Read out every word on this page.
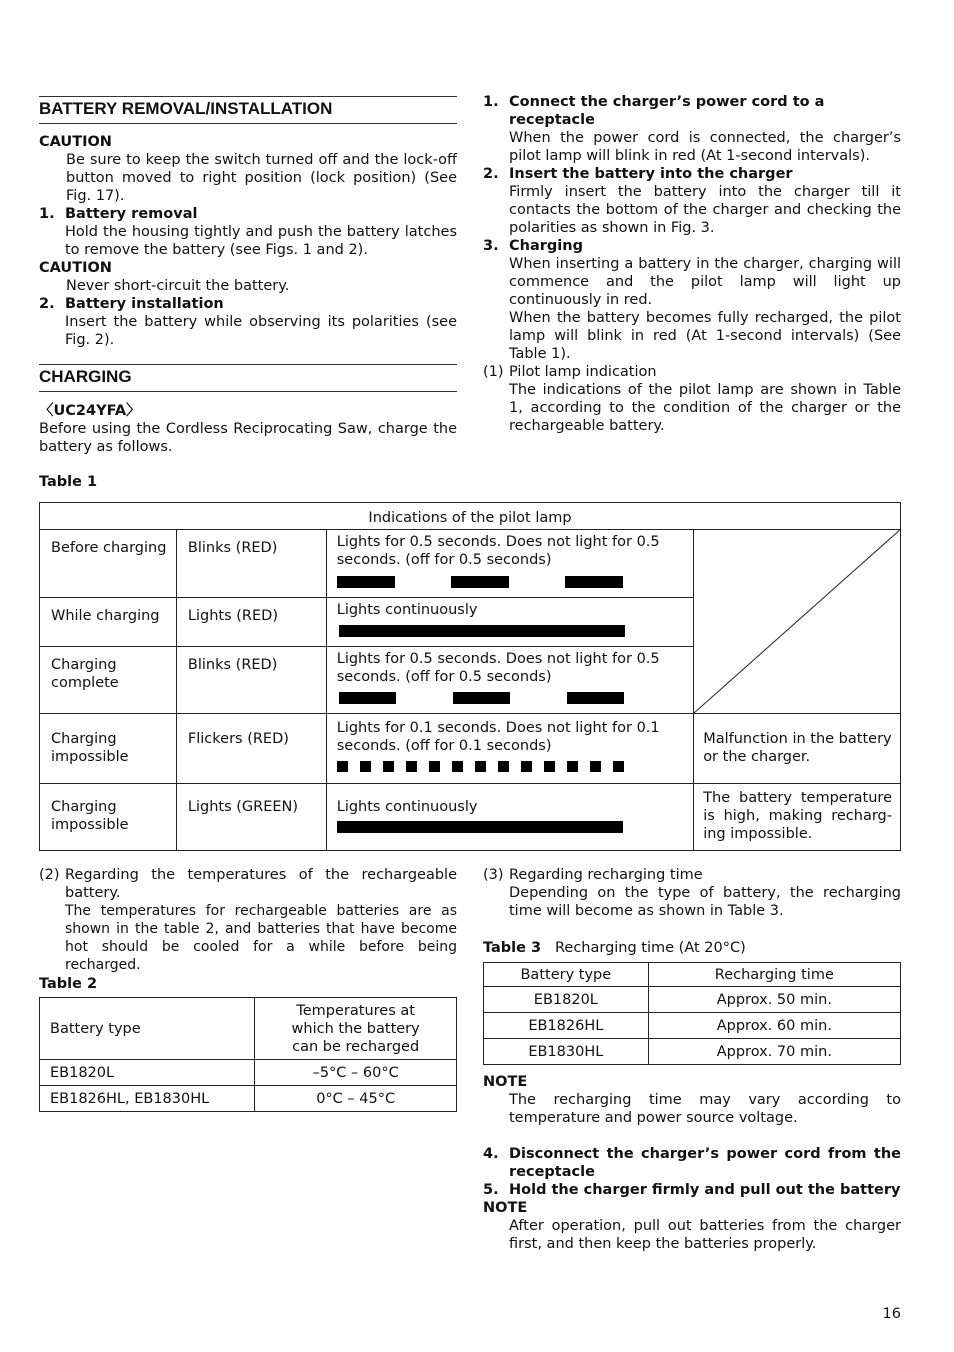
BATTERY REMOVAL/INSTALLATION

CAUTION

Be sure to keep the switch turned off and the lock-off button moved to right position (lock position) (See Fig. 17).

1. Battery removal

Hold the housing tightly and push the battery latches to remove the battery (see Figs. 1 and 2).

CAUTION

Never short-circuit the battery.

2. Battery installation

Insert the battery while observing its polarities (see Fig. 2).

CHARGING

〈UC24YFA〉

Before using the Cordless Reciprocating Saw, charge the battery as follows.

1. Connect the charger’s power cord to a receptacle

When the power cord is connected, the charger’s pilot lamp will blink in red (At 1-second intervals).

2. Insert the battery into the charger

Firmly insert the battery into the charger till it contacts the bottom of the charger and checking the polarities as shown in Fig. 3.

3. Charging

When inserting a battery in the charger, charging will commence and the pilot lamp will light up continuously in red.

When the battery becomes fully recharged, the pilot lamp will blink in red (At 1-second intervals) (See Table 1).

(1) Pilot lamp indication

The indications of the pilot lamp are shown in Table 1, according to the condition of the charger or the rechargeable battery.

Table 1
Indications of the pilot lamp			
Before charging	Blinks (RED)	Lights for 0.5 seconds. Does not light for 0.5 seconds. (off for 0.5 seconds)

While charging	Lights (RED)	Lights continuously	

Charging complete	Blinks (RED)	Lights for 0.5 seconds. Does not light for 0.5 seconds. (off for 0.5 seconds)	

Charging impossible	Flickers (RED)	Lights for 0.1 seconds. Does not light for 0.1 seconds. (off for 0.1 seconds)	Malfunction in the battery or the charger.
Charging impossible	Lights (GREEN)	Lights continuously	The battery temperature is high, making recharg-ing impossible.
(2) Regarding the temperatures of the rechargeable battery.

The temperatures for rechargeable batteries are as shown in the table 2, and batteries that have become hot should be cooled for a while before being recharged.

Table 2
Battery type	Temperatures at which the battery can be recharged
EB1820L	–5°C – 60°C
EB1826HL, EB1830HL	0°C – 45°C
(3) Regarding recharging time

Depending on the type of battery, the recharging time will become as shown in Table 3.

Table 3 Recharging time (At 20°C)
Battery type	Recharging time
EB1820L	Approx. 50 min.
EB1826HL	Approx. 60 min.
EB1830HL	Approx. 70 min.

NOTE

The recharging time may vary according to temperature and power source voltage.

4. Disconnect the charger’s power cord from the receptacle
5. Hold the charger firmly and pull out the battery

NOTE

After operation, pull out batteries from the charger first, and then keep the batteries properly.

16
